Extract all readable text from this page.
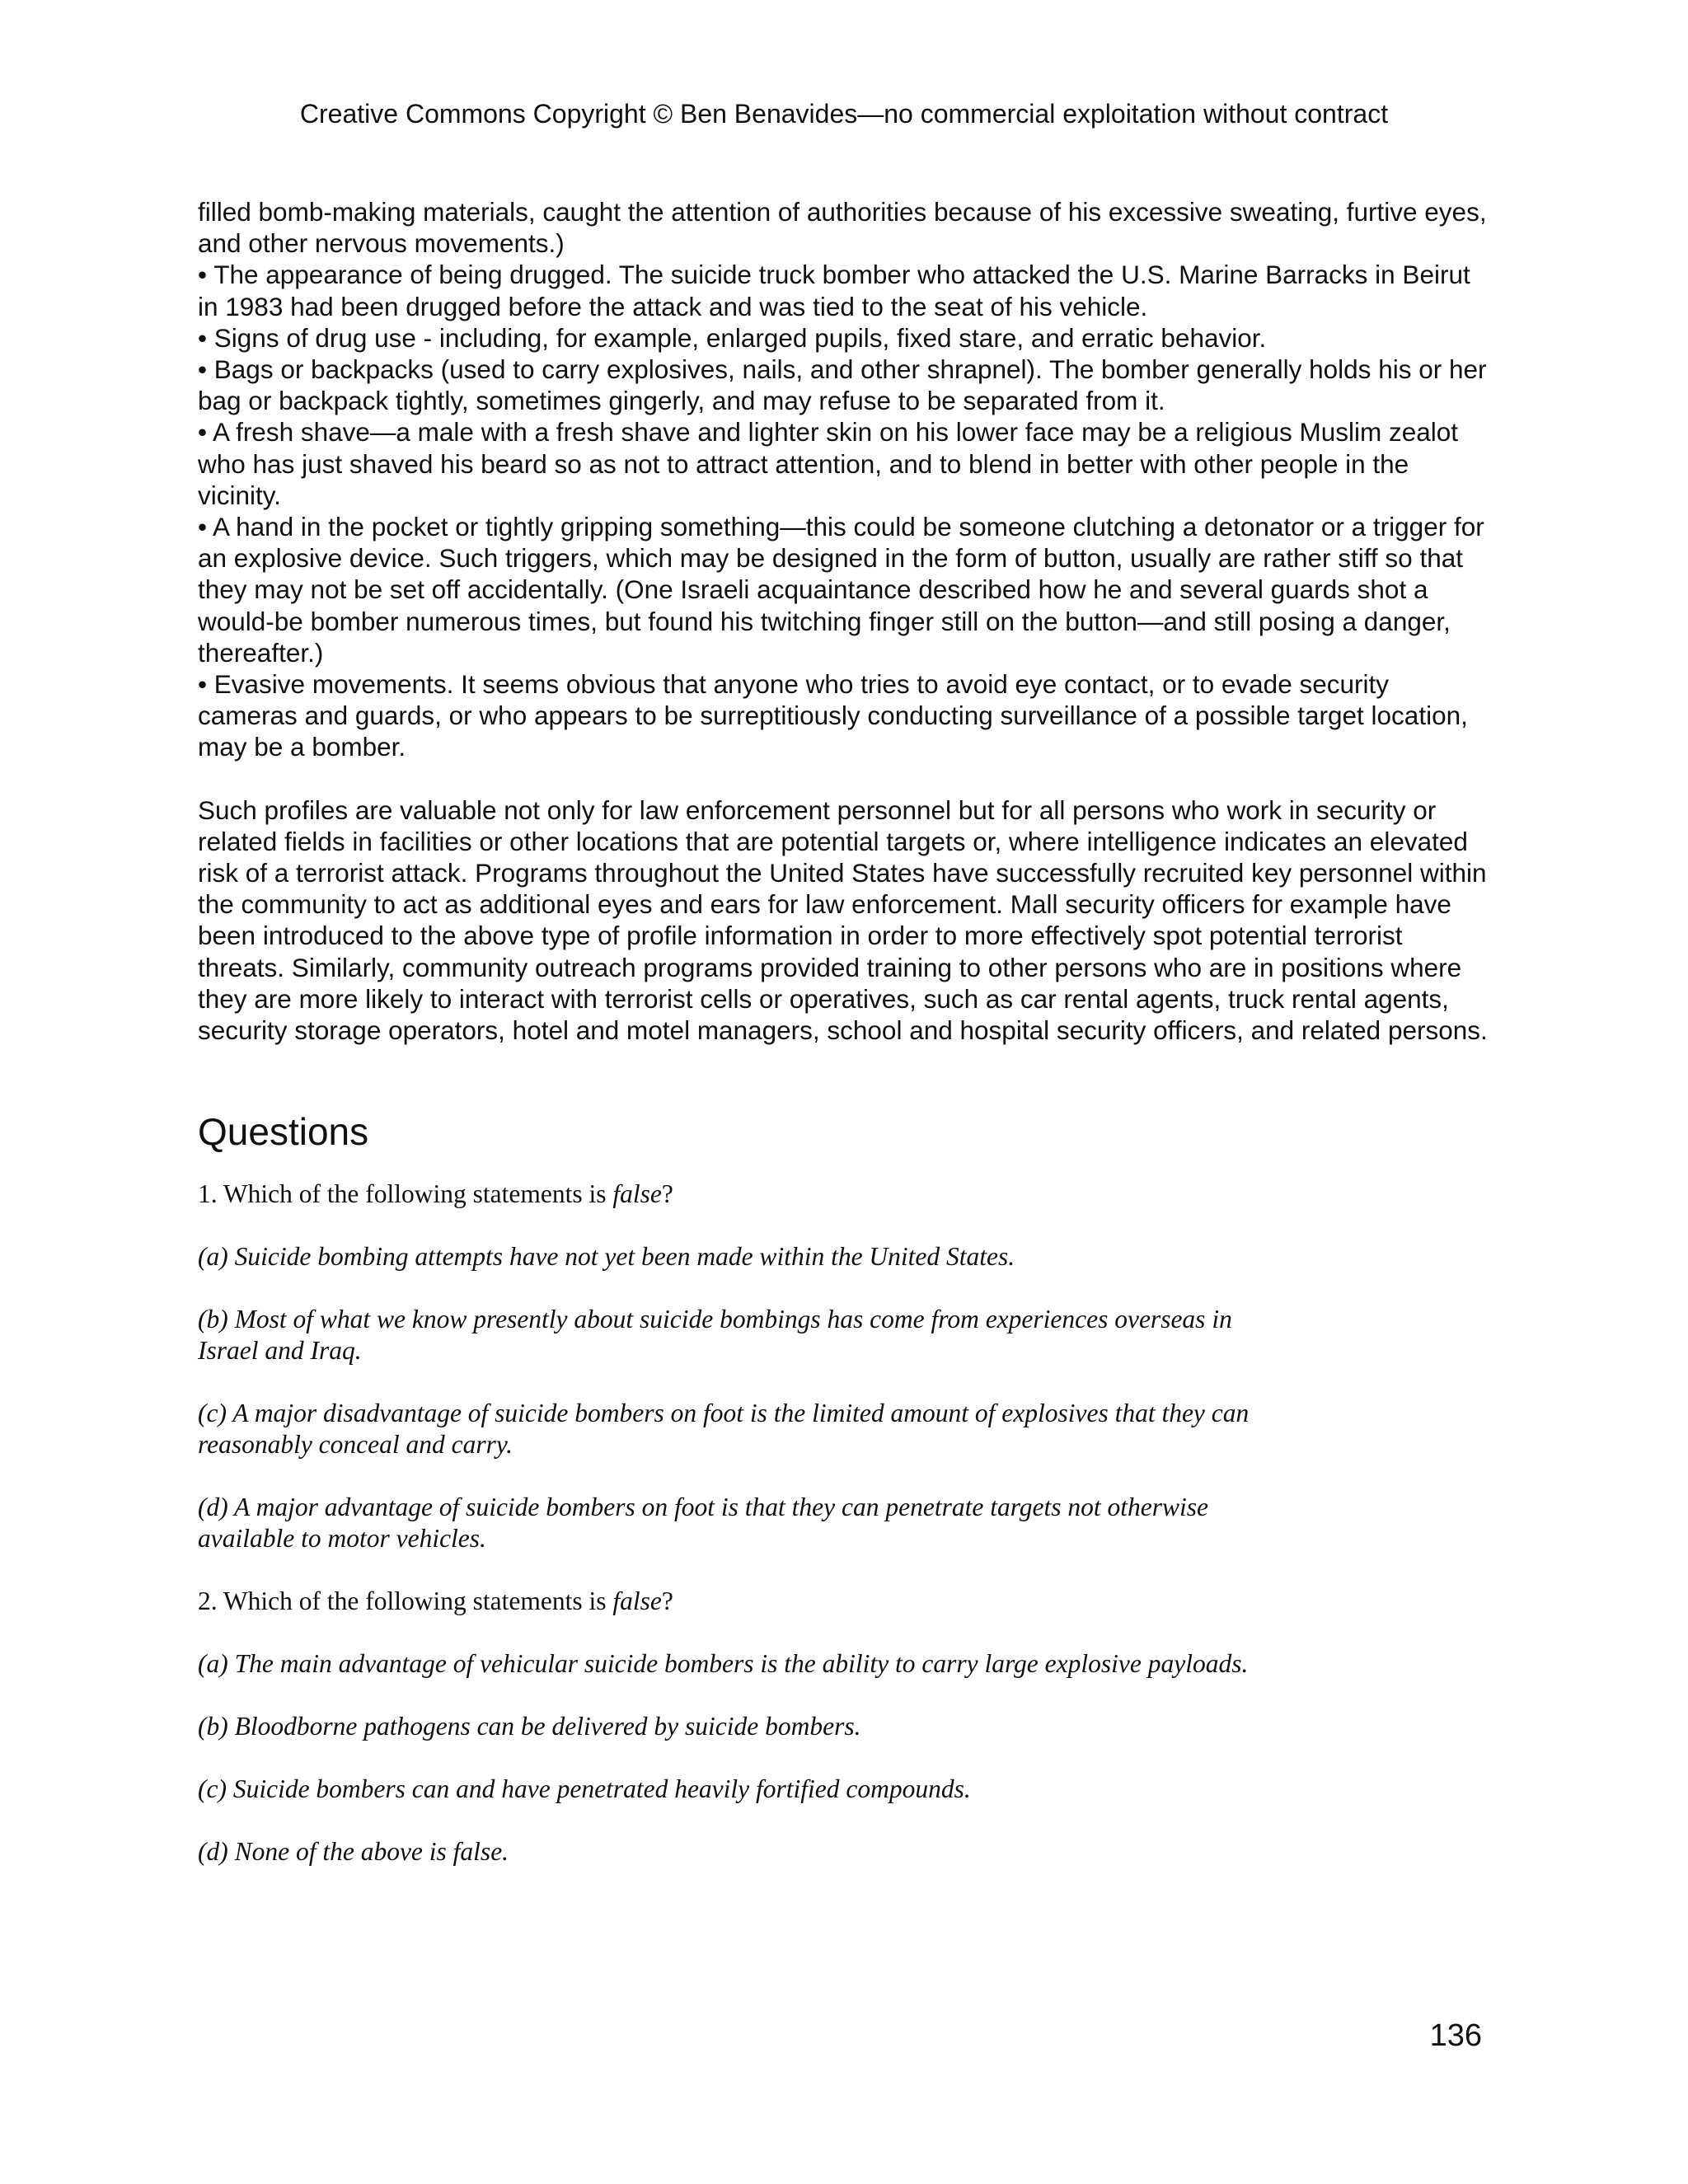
Creative Commons Copyright © Ben Benavides—no commercial exploitation without contract

filled bomb-making materials, caught the attention of authorities because of his excessive sweating, furtive eyes, and other nervous movements.)

• The appearance of being drugged. The suicide truck bomber who attacked the U.S. Marine Barracks in Beirut in 1983 had been drugged before the attack and was tied to the seat of his vehicle.

• Signs of drug use - including, for example, enlarged pupils, fixed stare, and erratic behavior.

• Bags or backpacks (used to carry explosives, nails, and other shrapnel). The bomber generally holds his or her bag or backpack tightly, sometimes gingerly, and may refuse to be separated from it.

• A fresh shave—a male with a fresh shave and lighter skin on his lower face may be a religious Muslim zealot who has just shaved his beard so as not to attract attention, and to blend in better with other people in the vicinity.

• A hand in the pocket or tightly gripping something—this could be someone clutching a detonator or a trigger for an explosive device. Such triggers, which may be designed in the form of button, usually are rather stiff so that they may not be set off accidentally. (One Israeli acquaintance described how he and several guards shot a would-be bomber numerous times, but found his twitching finger still on the button—and still posing a danger, thereafter.)

• Evasive movements. It seems obvious that anyone who tries to avoid eye contact, or to evade security cameras and guards, or who appears to be surreptitiously conducting surveillance of a possible target location, may be a bomber.

Such profiles are valuable not only for law enforcement personnel but for all persons who work in security or related fields in facilities or other locations that are potential targets or, where intelligence indicates an elevated risk of a terrorist attack. Programs throughout the United States have successfully recruited key personnel within the community to act as additional eyes and ears for law enforcement. Mall security officers for example have been introduced to the above type of profile information in order to more effectively spot potential terrorist threats. Similarly, community outreach programs provided training to other persons who are in positions where they are more likely to interact with terrorist cells or operatives, such as car rental agents, truck rental agents, security storage operators, hotel and motel managers, school and hospital security officers, and related persons.

Questions

1. Which of the following statements is false?

(a) Suicide bombing attempts have not yet been made within the United States.

(b) Most of what we know presently about suicide bombings has come from experiences overseas in Israel and Iraq.

(c) A major disadvantage of suicide bombers on foot is the limited amount of explosives that they can reasonably conceal and carry.

(d) A major advantage of suicide bombers on foot is that they can penetrate targets not otherwise available to motor vehicles.

2. Which of the following statements is false?

(a) The main advantage of vehicular suicide bombers is the ability to carry large explosive payloads.

(b) Bloodborne pathogens can be delivered by suicide bombers.

(c) Suicide bombers can and have penetrated heavily fortified compounds.

(d) None of the above is false.

136
